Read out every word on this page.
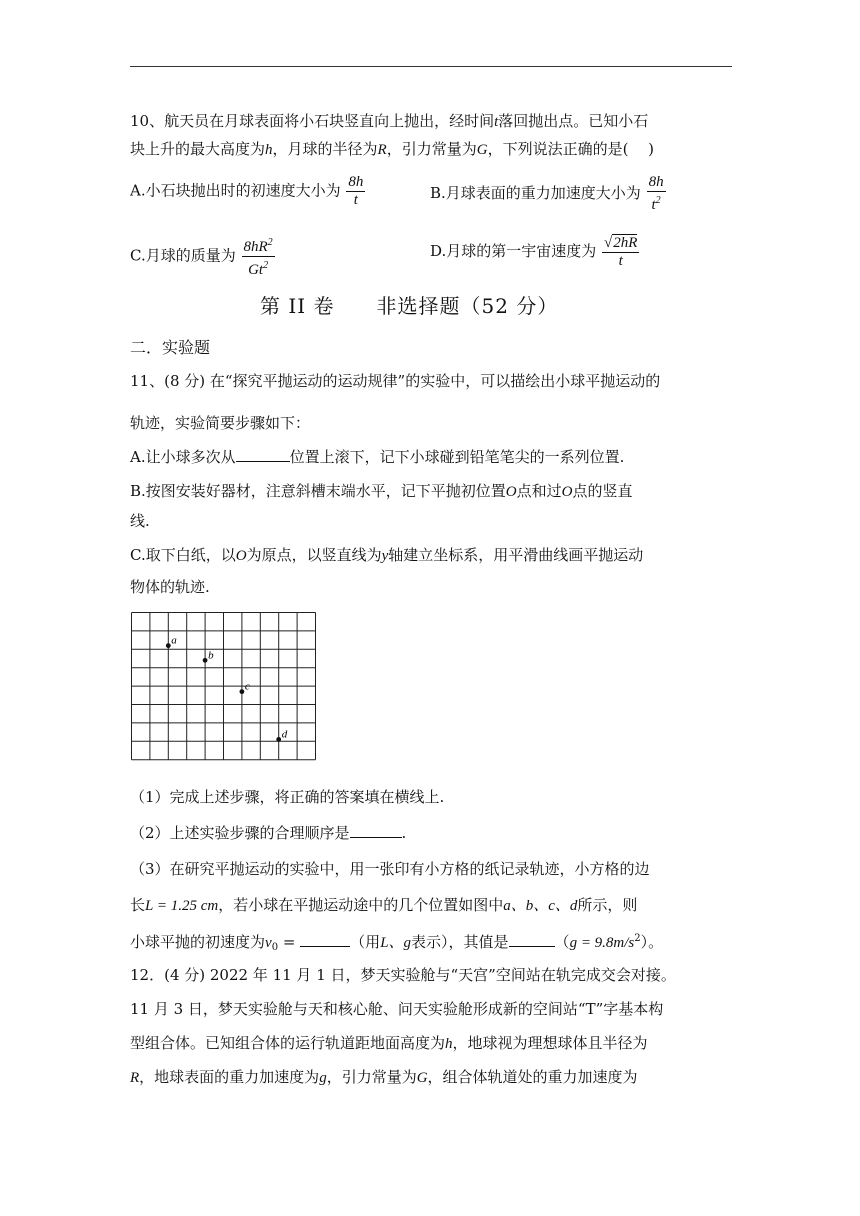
10、航天员在月球表面将小石块竖直向上抛出，经时间t落回抛出点。已知小石
块上升的最大高度为h，月球的半径为R，引力常量为G，下列说法正确的是(　 )
A.小石块抛出时的初速度大小为 $\frac{8h}{t}$	B.月球表面的重力加速度大小为 $\frac{8h}{t^2}$
C.月球的质量为 $\frac{8hR^2}{Gt^2}$	D.月球的第一宇宙速度为 $\frac{√2hR}{t}$
第 II 卷　　非选择题（52 分）
二．实验题
11、(8 分) 在“探究平抛运动的运动规律”的实验中，可以描绘出小球平抛运动的
轨迹，实验简要步骤如下：
A.让小球多次从	位置上滚下，记下小球碰到铅笔笔尖的一系列位置.
B.按图安装好器材，注意斜槽末端水平，记下平抛初位置O点和过O点的竖直
线.
C.取下白纸，以O为原点，以竖直线为y轴建立坐标系，用平滑曲线画平抛运动
物体的轨迹.
a
b
c
d
（1）完成上述步骤，将正确的答案填在横线上.
（2）上述实验步骤的合理顺序是	.
（3）在研究平抛运动的实验中，用一张印有小方格的纸记录轨迹，小方格的边
长L = 1.25 cm，若小球在平抛运动途中的几个位置如图中a、b、c、d所示，则
小球平抛的初速度为$v_0$ =	（用L、g表示），其值是	$(g = 9.8m/s^2)$。
12．(4 分) 2022 年 11 月 1 日，梦天实验舱与“天宫”空间站在轨完成交会对接。
11 月 3 日，梦天实验舱与天和核心舱、问天实验舱形成新的空间站“T”字基本构
型组合体。已知组合体的运行轨道距地面高度为h，地球视为理想球体且半径为
R，地球表面的重力加速度为g，引力常量为G，组合体轨道处的重力加速度为
